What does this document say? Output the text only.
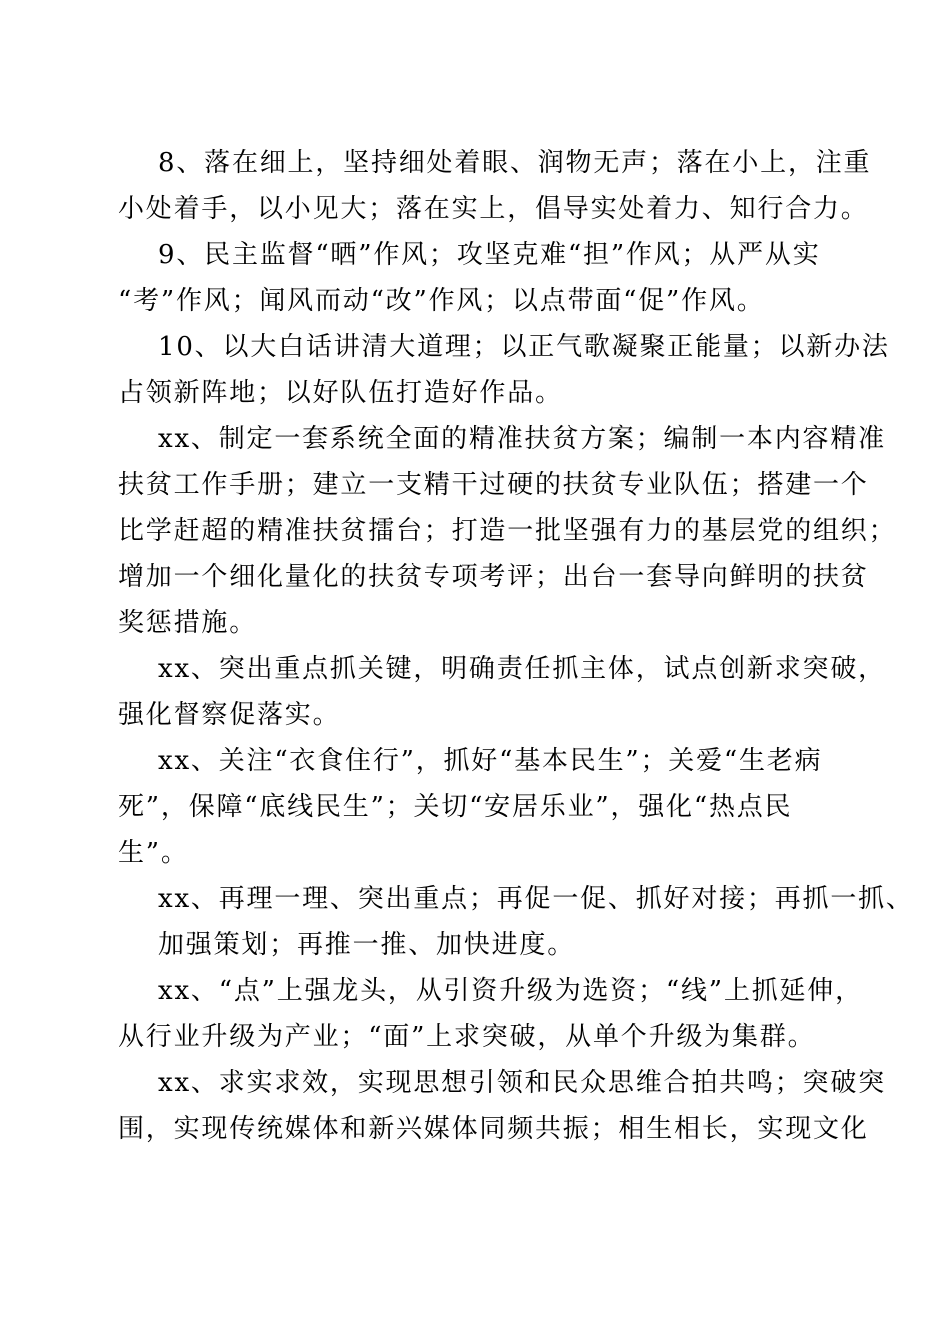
8、落在细上，坚持细处着眼、润物无声；落在小上，注重
小处着手，以小见大；落在实上，倡导实处着力、知行合力。
9、民主监督“晒”作风；攻坚克难“担”作风；从严从实
“考”作风；闻风而动“改”作风；以点带面“促”作风。
10、以大白话讲清大道理；以正气歌凝聚正能量；以新办法
占领新阵地；以好队伍打造好作品。
xx、制定一套系统全面的精准扶贫方案；编制一本内容精准
扶贫工作手册；建立一支精干过硬的扶贫专业队伍；搭建一个
比学赶超的精准扶贫擂台；打造一批坚强有力的基层党的组织；
增加一个细化量化的扶贫专项考评；出台一套导向鲜明的扶贫
奖惩措施。
xx、突出重点抓关键，明确责任抓主体，试点创新求突破，
强化督察促落实。
xx、关注“衣食住行”，抓好“基本民生”；关爱“生老病
死”，保障“底线民生”；关切“安居乐业”，强化“热点民
生”。
xx、再理一理、突出重点；再促一促、抓好对接；再抓一抓、
加强策划；再推一推、加快进度。
xx、“点”上强龙头，从引资升级为选资；“线”上抓延伸，
从行业升级为产业；“面”上求突破，从单个升级为集群。
xx、求实求效，实现思想引领和民众思维合拍共鸣；突破突
围，实现传统媒体和新兴媒体同频共振；相生相长，实现文化
